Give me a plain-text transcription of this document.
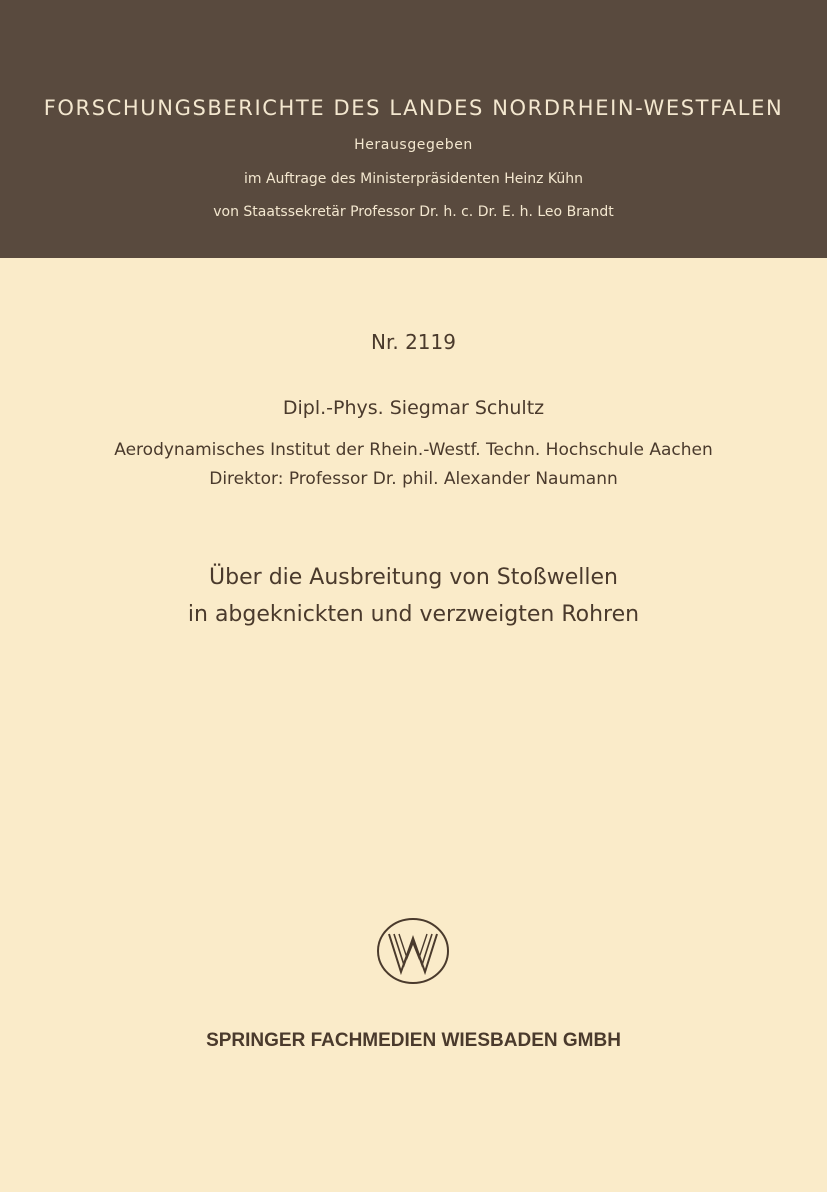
FORSCHUNGSBERICHTE DES LANDES NORDRHEIN-WESTFALEN
Herausgegeben
im Auftrage des Ministerpräsidenten Heinz Kühn
von Staatssekretär Professor Dr. h. c. Dr. E. h. Leo Brandt
Nr. 2119
Dipl.-Phys. Siegmar Schultz
Aerodynamisches Institut der Rhein.-Westf. Techn. Hochschule Aachen
Direktor: Professor Dr. phil. Alexander Naumann
Über die Ausbreitung von Stoßwellen
in abgeknickten und verzweigten Rohren
SPRINGER FACHMEDIEN WIESBADEN GMBH
